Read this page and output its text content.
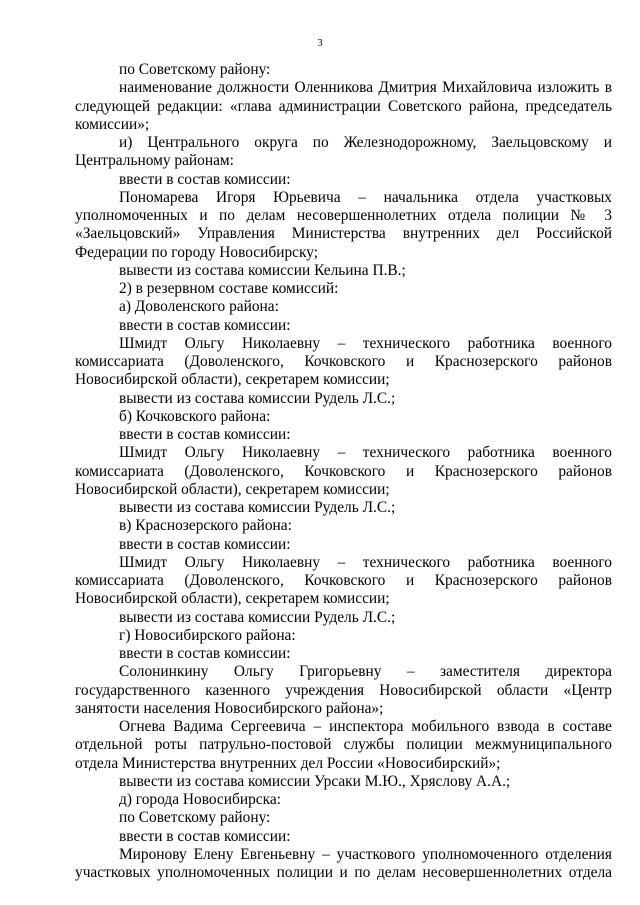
3

по Советскому району:

наименование должности Оленникова Дмитрия Михайловича изложить в следующей редакции: «глава администрации Советского района, председатель комиссии»;

и) Центрального округа по Железнодорожному, Заельцовскому и Центральному районам:

ввести в состав комиссии:

Пономарева Игоря Юрьевича – начальника отдела участковых уполномоченных и по делам несовершеннолетних отдела полиции № 3 «Заельцовский» Управления Министерства внутренних дел Российской Федерации по городу Новосибирску;

вывести из состава комиссии Кельина П.В.;

2) в резервном составе комиссий:

а) Доволенского района:

ввести в состав комиссии:

Шмидт Ольгу Николаевну – технического работника военного комиссариата (Доволенского, Кочковского и Краснозерского районов Новосибирской области), секретарем комиссии;

вывести из состава комиссии Рудель Л.С.;

б) Кочковского района:

ввести в состав комиссии:

Шмидт Ольгу Николаевну – технического работника военного комиссариата (Доволенского, Кочковского и Краснозерского районов Новосибирской области), секретарем комиссии;

вывести из состава комиссии Рудель Л.С.;

в) Краснозерского района:

ввести в состав комиссии:

Шмидт Ольгу Николаевну – технического работника военного комиссариата (Доволенского, Кочковского и Краснозерского районов Новосибирской области), секретарем комиссии;

вывести из состава комиссии Рудель Л.С.;

г) Новосибирского района:

ввести в состав комиссии:

Солонинкину Ольгу Григорьевну – заместителя директора государственного казенного учреждения Новосибирской области «Центр занятости населения Новосибирского района»;

Огнева Вадима Сергеевича – инспектора мобильного взвода в составе отдельной роты патрульно-постовой службы полиции межмуниципального отдела Министерства внутренних дел России «Новосибирский»;

вывести из состава комиссии Урсаки М.Ю., Хряслову А.А.;

д) города Новосибирска:

по Советскому району:

ввести в состав комиссии:

Миронову Елену Евгеньевну – участкового уполномоченного отделения участковых уполномоченных полиции и по делам несовершеннолетних отдела
